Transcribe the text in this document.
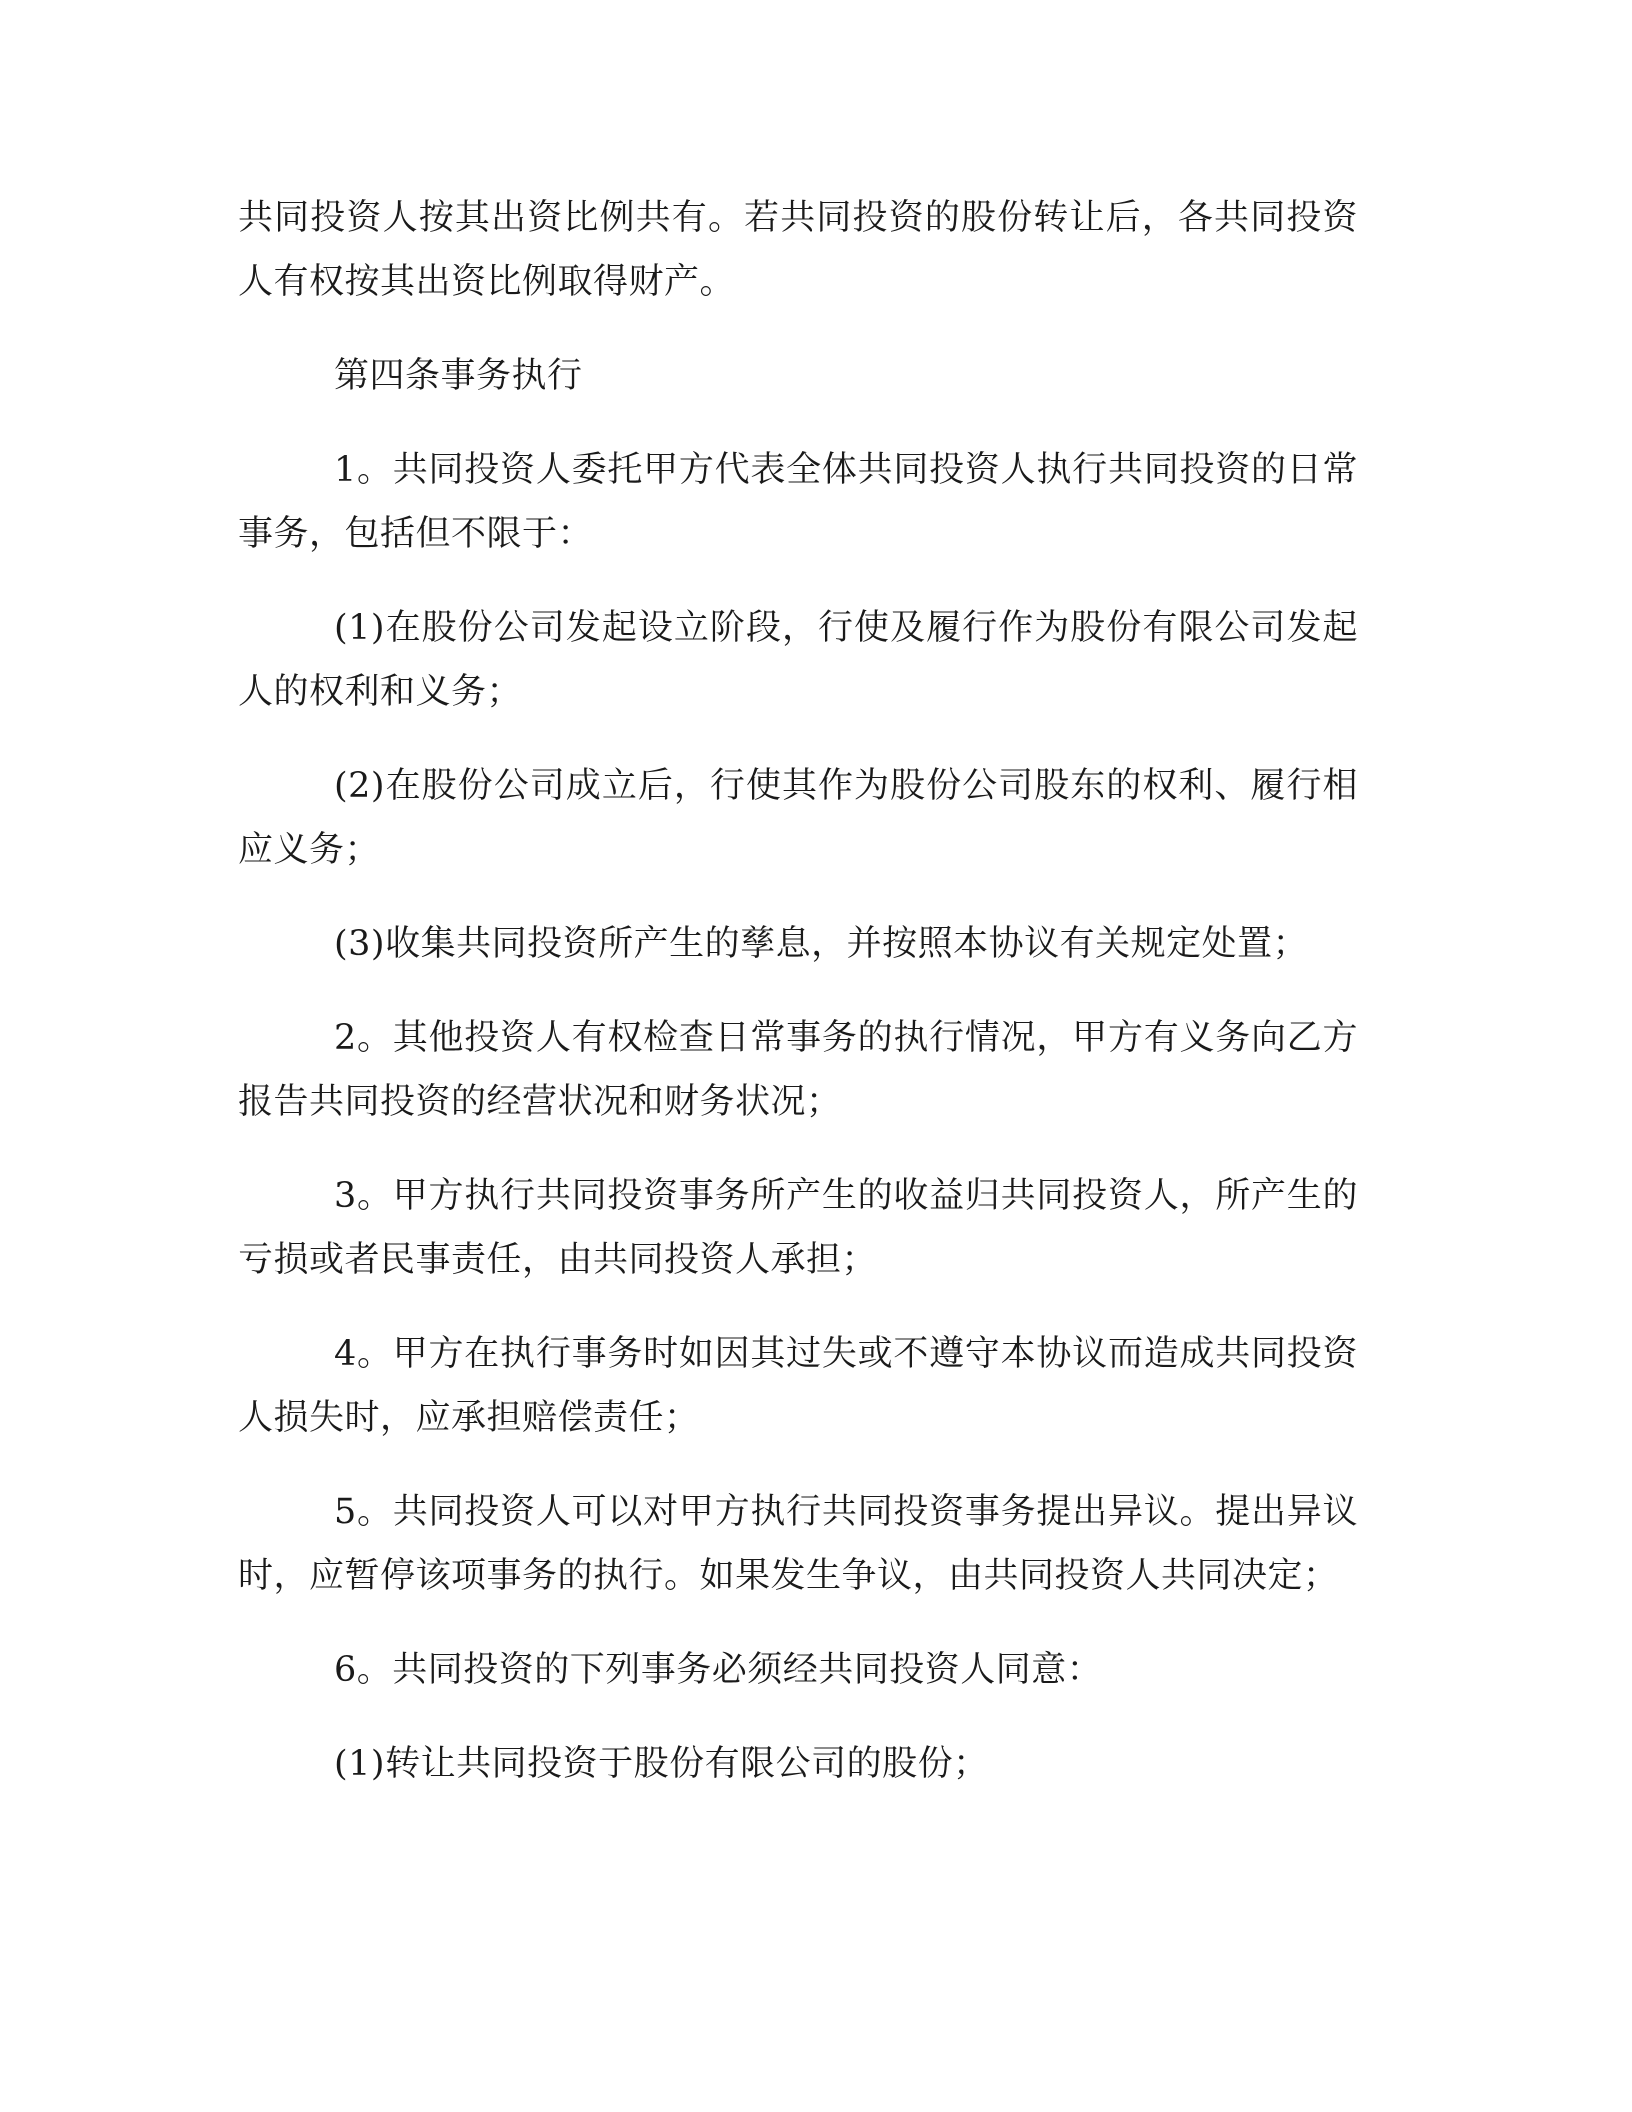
共同投资人按其出资比例共有。若共同投资的股份转让后，各共同投资人有权按其出资比例取得财产。

第四条事务执行

1。共同投资人委托甲方代表全体共同投资人执行共同投资的日常事务，包括但不限于：

(1)在股份公司发起设立阶段，行使及履行作为股份有限公司发起人的权利和义务；

(2)在股份公司成立后，行使其作为股份公司股东的权利、履行相应义务；

(3)收集共同投资所产生的孳息，并按照本协议有关规定处置；

2。其他投资人有权检查日常事务的执行情况，甲方有义务向乙方报告共同投资的经营状况和财务状况；

3。甲方执行共同投资事务所产生的收益归共同投资人，所产生的亏损或者民事责任，由共同投资人承担；

4。甲方在执行事务时如因其过失或不遵守本协议而造成共同投资人损失时，应承担赔偿责任；

5。共同投资人可以对甲方执行共同投资事务提出异议。提出异议时，应暂停该项事务的执行。如果发生争议，由共同投资人共同决定；

6。共同投资的下列事务必须经共同投资人同意：

(1)转让共同投资于股份有限公司的股份；
